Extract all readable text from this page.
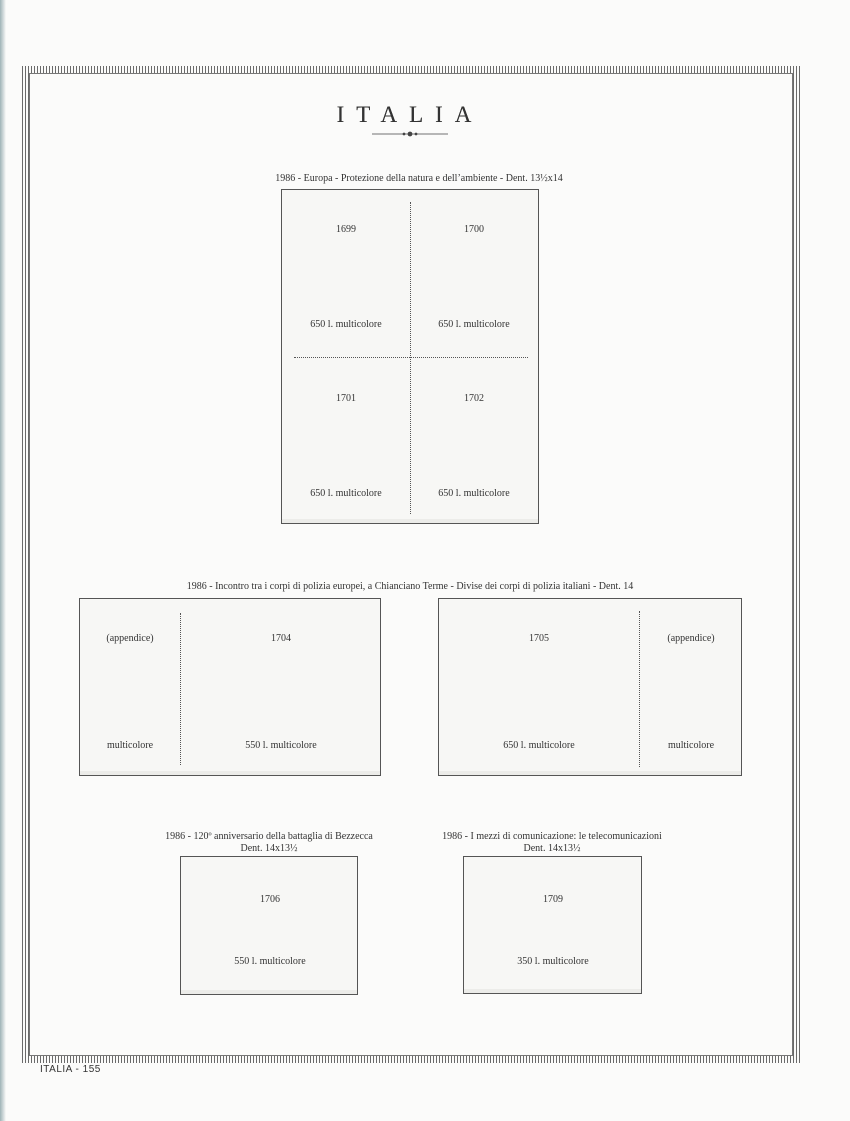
ITALIA
1986 - Europa - Protezione della natura e dell’ambiente - Dent. 13½x14
1699
650 l. multicolore
1700
650 l. multicolore
1701
650 l. multicolore
1702
650 l. multicolore
1986 - Incontro tra i corpi di polizia europei, a Chianciano Terme - Divise dei corpi di polizia italiani - Dent. 14
(appendice)
multicolore
1704
550 l. multicolore
1705
650 l. multicolore
(appendice)
multicolore
1986 - 120º anniversario della battaglia di Bezzecca
Dent. 14x13½
1706
550 l. multicolore
1986 - I mezzi di comunicazione: le telecomunicazioni
Dent. 14x13½
1709
350 l. multicolore
ITALIA - 155
